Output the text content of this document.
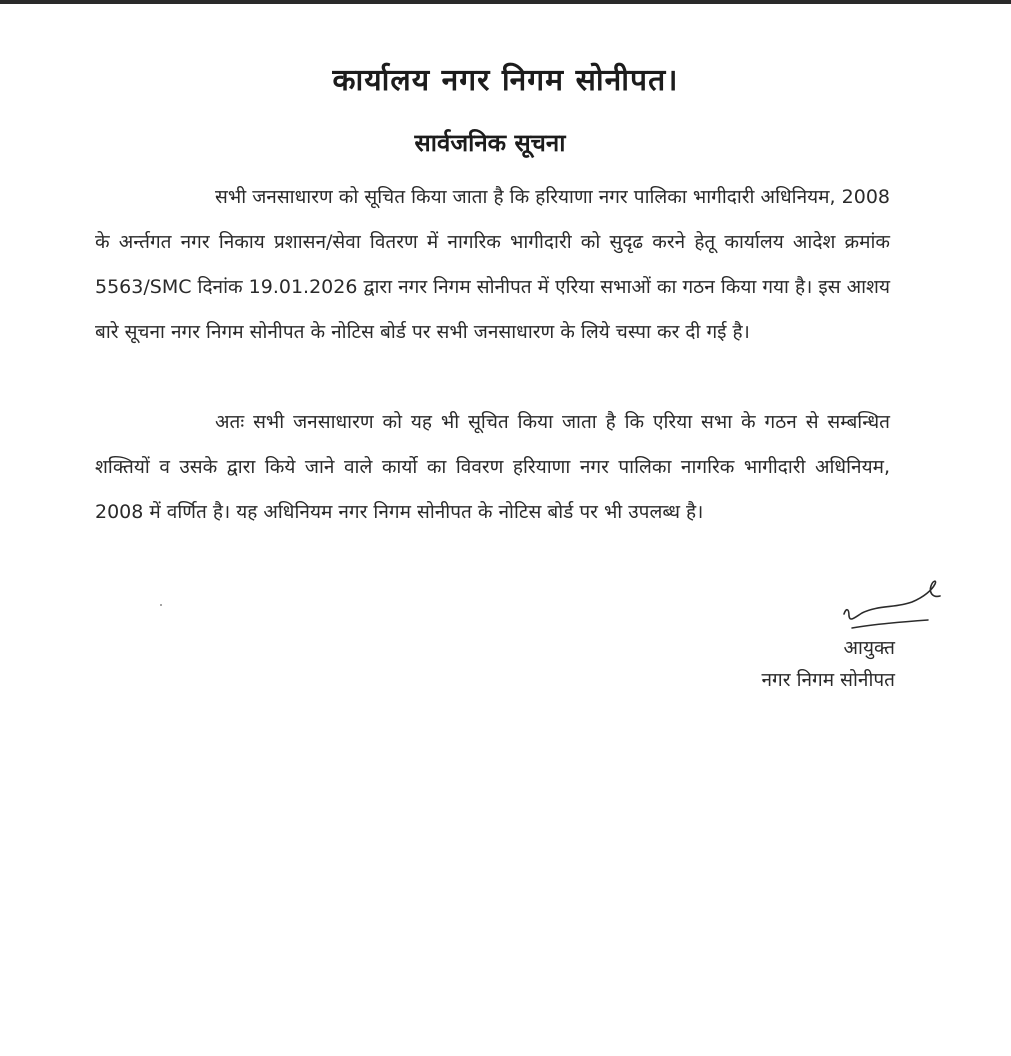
कार्यालय नगर निगम सोनीपत।
सार्वजनिक सूचना

सभी जनसाधारण को सूचित किया जाता है कि हरियाणा नगर पालिका भागीदारी अधिनियम, 2008 के अर्न्तगत नगर निकाय प्रशासन/सेवा वितरण में नागरिक भागीदारी को सुदृढ करने हेतू कार्यालय आदेश क्रमांक 5563/SMC दिनांक 19.01.2026 द्वारा नगर निगम सोनीपत में एरिया सभाओं का गठन किया गया है। इस आशय बारे सूचना नगर निगम सोनीपत के नोटिस बोर्ड पर सभी जनसाधारण के लिये चस्पा कर दी गई है।

अतः सभी जनसाधारण को यह भी सूचित किया जाता है कि एरिया सभा के गठन से सम्बन्धित शक्तियों व उसके द्वारा किये जाने वाले कार्यो का विवरण हरियाणा नगर पालिका नागरिक भागीदारी अधिनियम, 2008 में वर्णित है। यह अधिनियम नगर निगम सोनीपत के नोटिस बोर्ड पर भी उपलब्ध है।

आयुक्त
नगर निगम सोनीपत
